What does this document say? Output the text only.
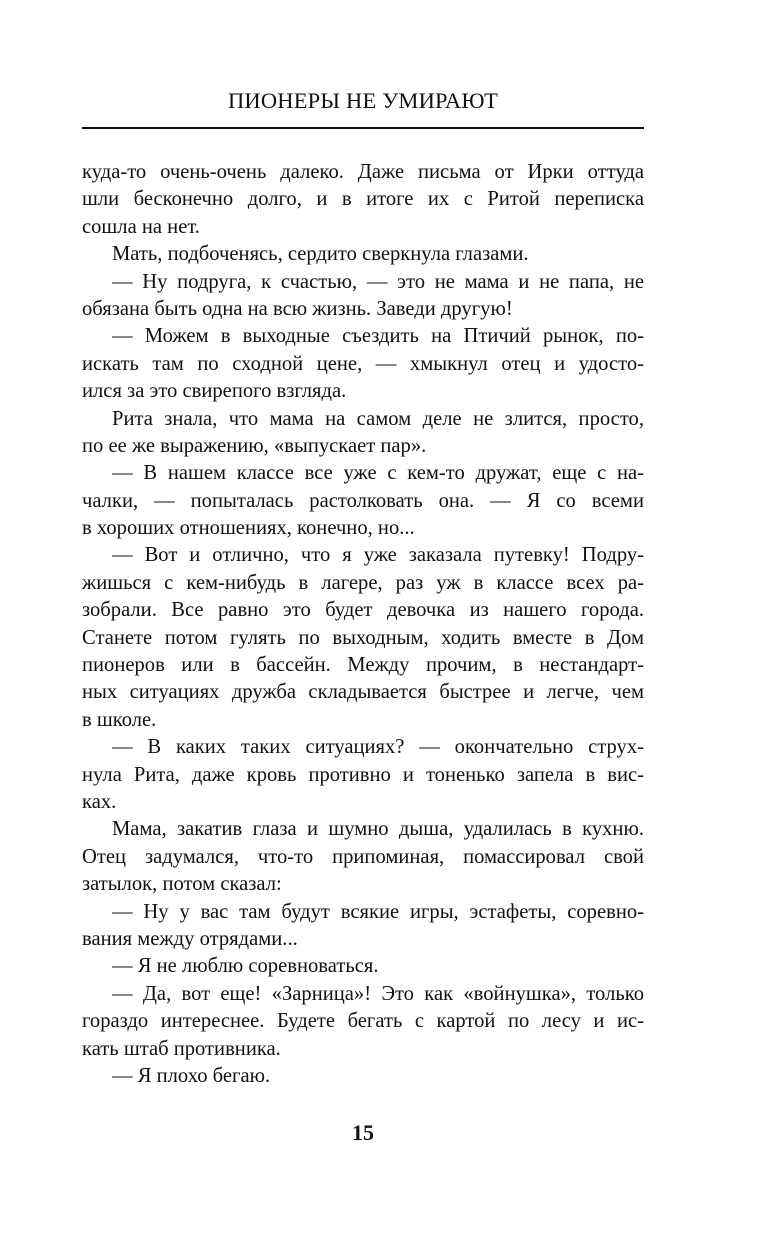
ПИОНЕРЫ НЕ УМИРАЮТ
куда-то очень-очень далеко. Даже письма от Ирки оттуда
шли бесконечно долго, и в итоге их с Ритой переписка
сошла на нет.
Мать, подбоченясь, сердито сверкнула глазами.
— Ну подруга, к счастью, — это не мама и не папа, не
обязана быть одна на всю жизнь. Заведи другую!
— Можем в выходные съездить на Птичий рынок, по-
искать там по сходной цене, — хмыкнул отец и удосто-
ился за это свирепого взгляда.
Рита знала, что мама на самом деле не злится, просто,
по ее же выражению, «выпускает пар».
— В нашем классе все уже с кем-то дружат, еще с на-
чалки, — попыталась растолковать она. — Я со всеми
в хороших отношениях, конечно, но...
— Вот и отлично, что я уже заказала путевку! Подру-
жишься с кем-нибудь в лагере, раз уж в классе всех ра-
зобрали. Все равно это будет девочка из нашего города.
Станете потом гулять по выходным, ходить вместе в Дом
пионеров или в бассейн. Между прочим, в нестандарт-
ных ситуациях дружба складывается быстрее и легче, чем
в школе.
— В каких таких ситуациях? — окончательно струх-
нула Рита, даже кровь противно и тоненько запела в вис-
ках.
Мама, закатив глаза и шумно дыша, удалилась в кухню.
Отец задумался, что-то припоминая, помассировал свой
затылок, потом сказал:
— Ну у вас там будут всякие игры, эстафеты, соревно-
вания между отрядами...
— Я не люблю соревноваться.
— Да, вот еще! «Зарница»! Это как «войнушка», только
гораздо интереснее. Будете бегать с картой по лесу и ис-
кать штаб противника.
— Я плохо бегаю.
15
